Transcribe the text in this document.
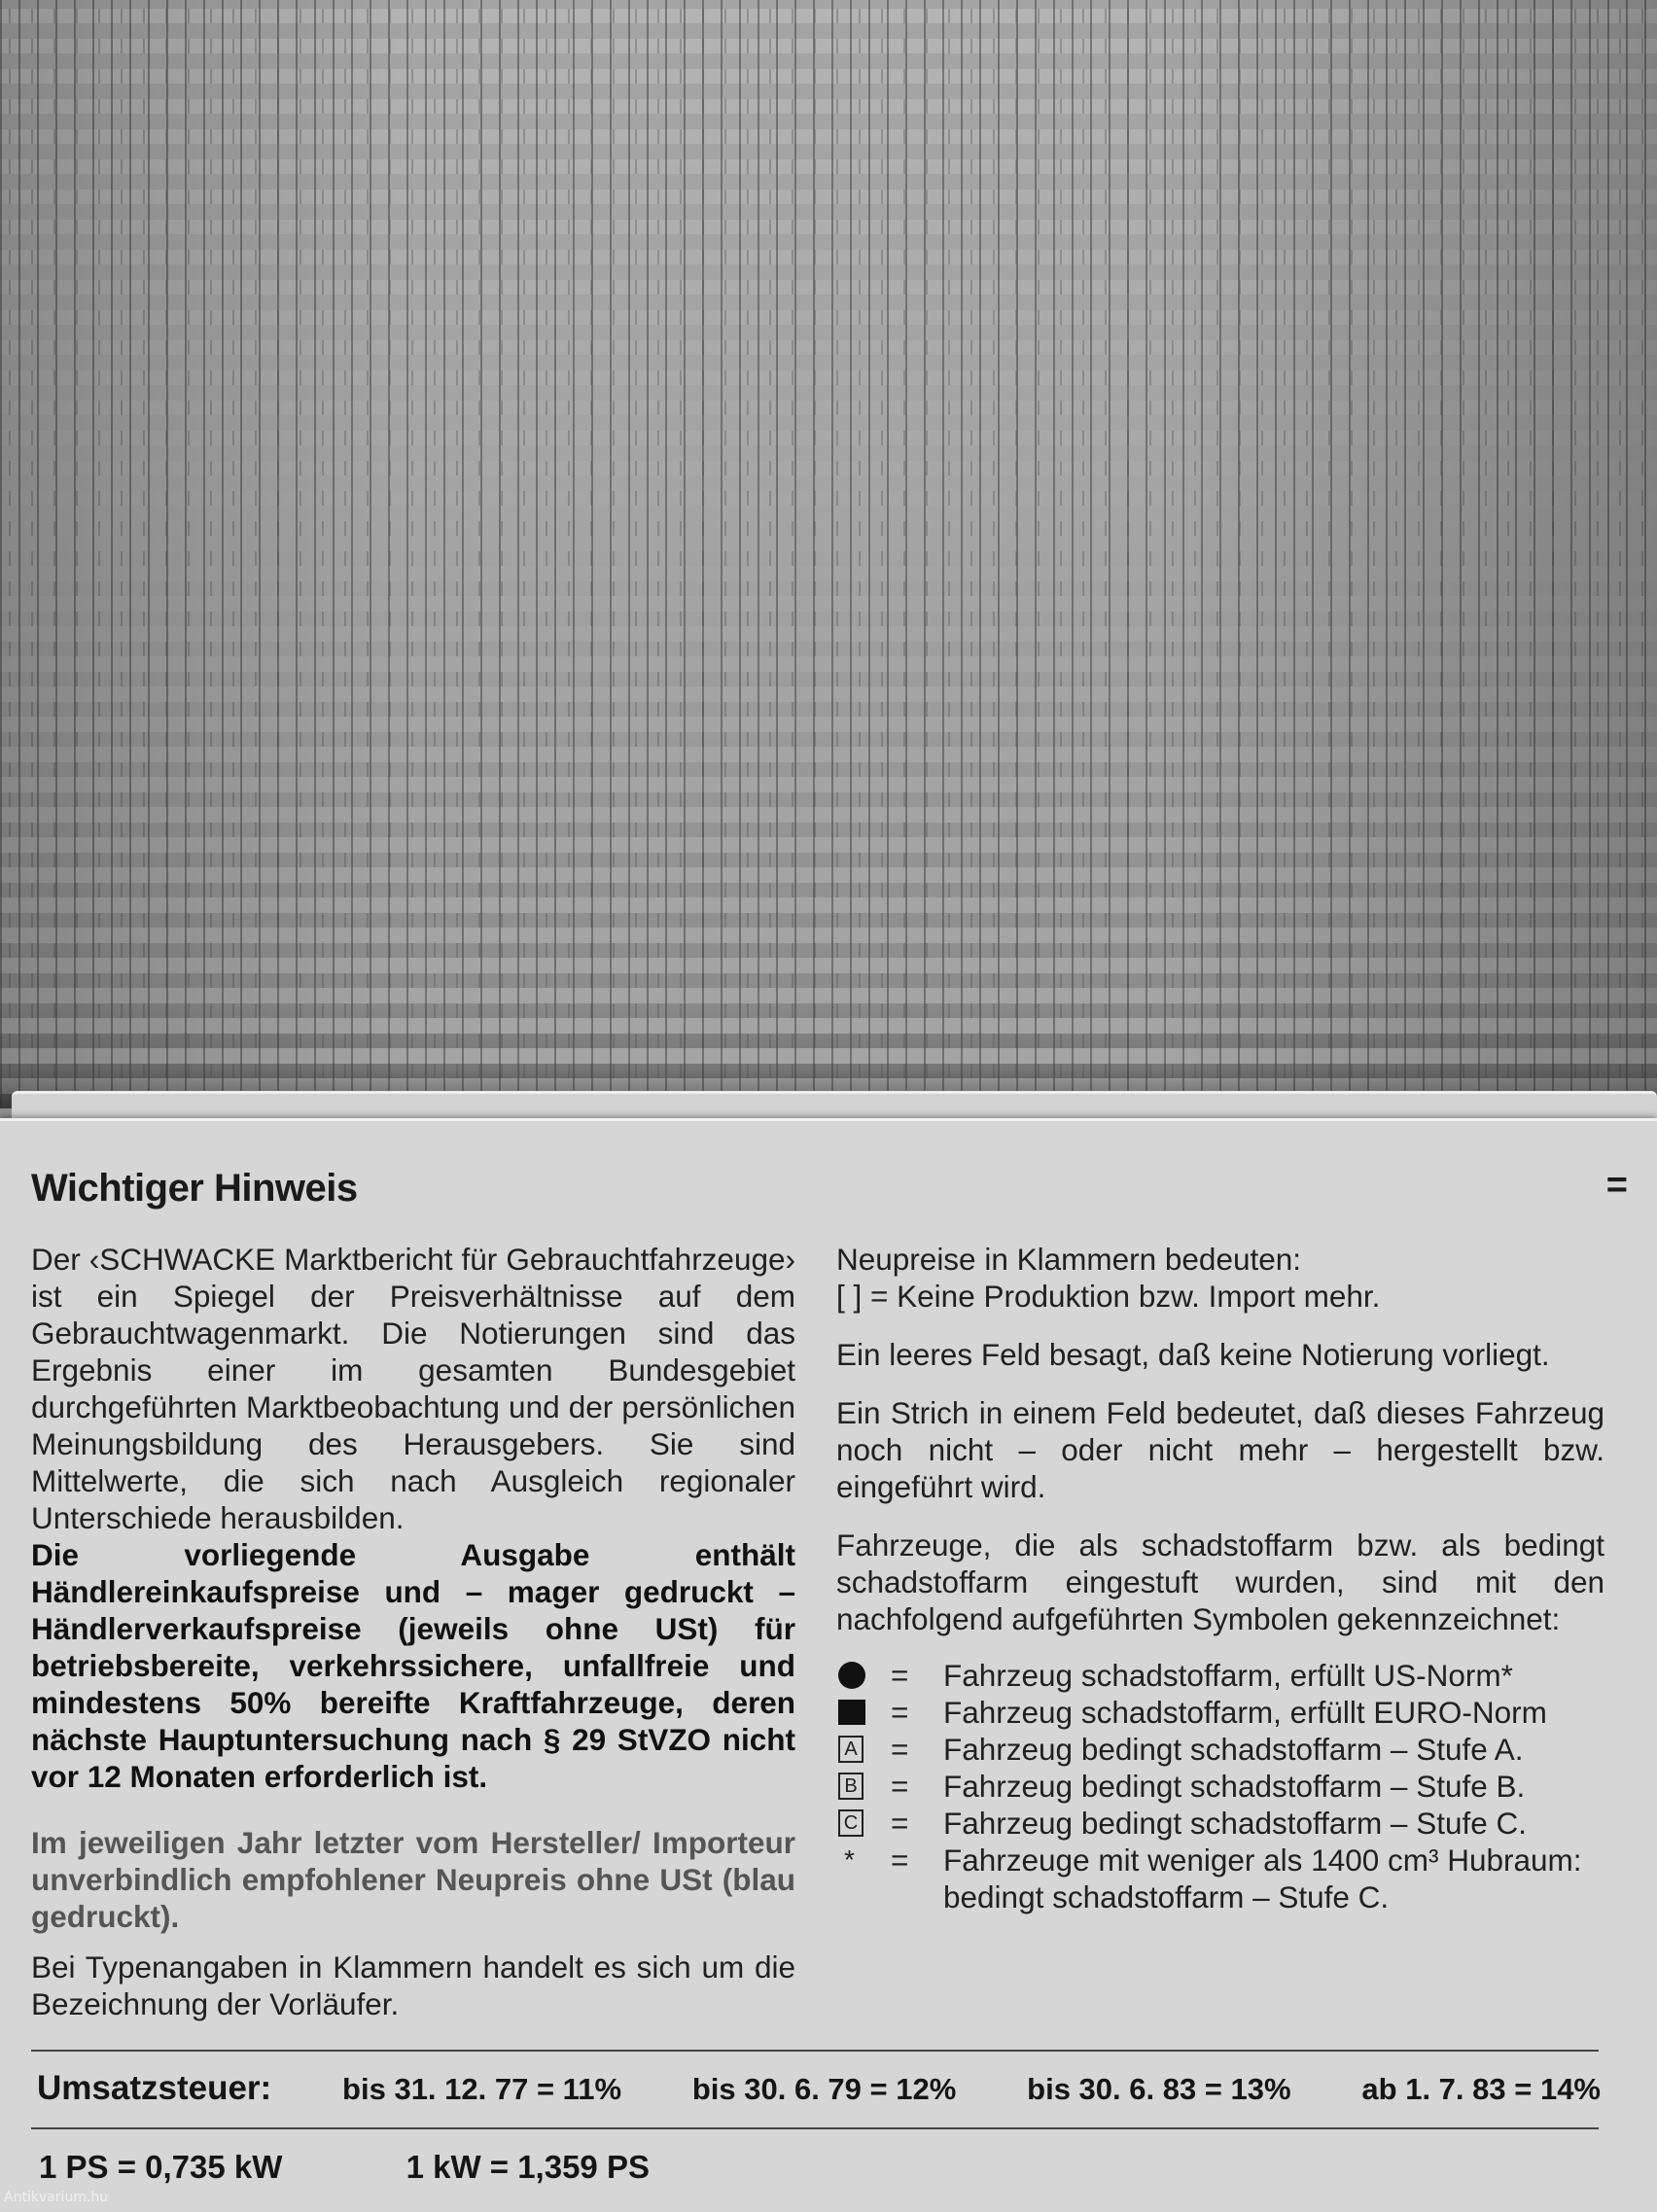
Wichtiger Hinweis	=

Der ‹SCHWACKE Marktbericht für Gebrauchtfahrzeuge› ist ein Spiegel der Preisverhältnisse auf dem Gebrauchtwagenmarkt. Die Notierungen sind das Ergebnis einer im gesamten Bundesgebiet durchgeführten Marktbeobachtung und der persönlichen Meinungsbildung des Herausgebers. Sie sind Mittelwerte, die sich nach Ausgleich regionaler Unterschiede herausbilden.

Die vorliegende Ausgabe enthält Händlereinkaufspreise und – mager gedruckt – Händlerverkaufspreise (jeweils ohne USt) für betriebsbereite, verkehrssichere, unfallfreie und mindestens 50% bereifte Kraftfahrzeuge, deren nächste Hauptuntersuchung nach § 29 StVZO nicht vor 12 Monaten erforderlich ist.

Im jeweiligen Jahr letzter vom Hersteller/ Importeur unverbindlich empfohlener Neupreis ohne USt (blau gedruckt).

Bei Typenangaben in Klammern handelt es sich um die Bezeichnung der Vorläufer.

Neupreise in Klammern bedeuten:

[ ] = Keine Produktion bzw. Import mehr.

Ein leeres Feld besagt, daß keine Notierung vorliegt.

Ein Strich in einem Feld bedeutet, daß dieses Fahrzeug noch nicht – oder nicht mehr – hergestellt bzw. eingeführt wird.

Fahrzeuge, die als schadstoffarm bzw. als bedingt schadstoffarm eingestuft wurden, sind mit den nachfolgend aufgeführten Symbolen gekennzeichnet:

=	Fahrzeug schadstoffarm, erfüllt US-Norm*
=	Fahrzeug schadstoffarm, erfüllt EURO-Norm
A =	Fahrzeug bedingt schadstoffarm – Stufe A.
B =	Fahrzeug bedingt schadstoffarm – Stufe B.
C =	Fahrzeug bedingt schadstoffarm – Stufe C.
* =	Fahrzeuge mit weniger als 1400 cm³ Hubraum: bedingt schadstoffarm – Stufe C.
Umsatzsteuer: bis 31. 12. 77 = 11% bis 30. 6. 79 = 12% bis 30. 6. 83 = 13% ab 1. 7. 83 = 14%
1 PS = 0,735 kW	1 kW = 1,359 PS
Antikvarium.hu
